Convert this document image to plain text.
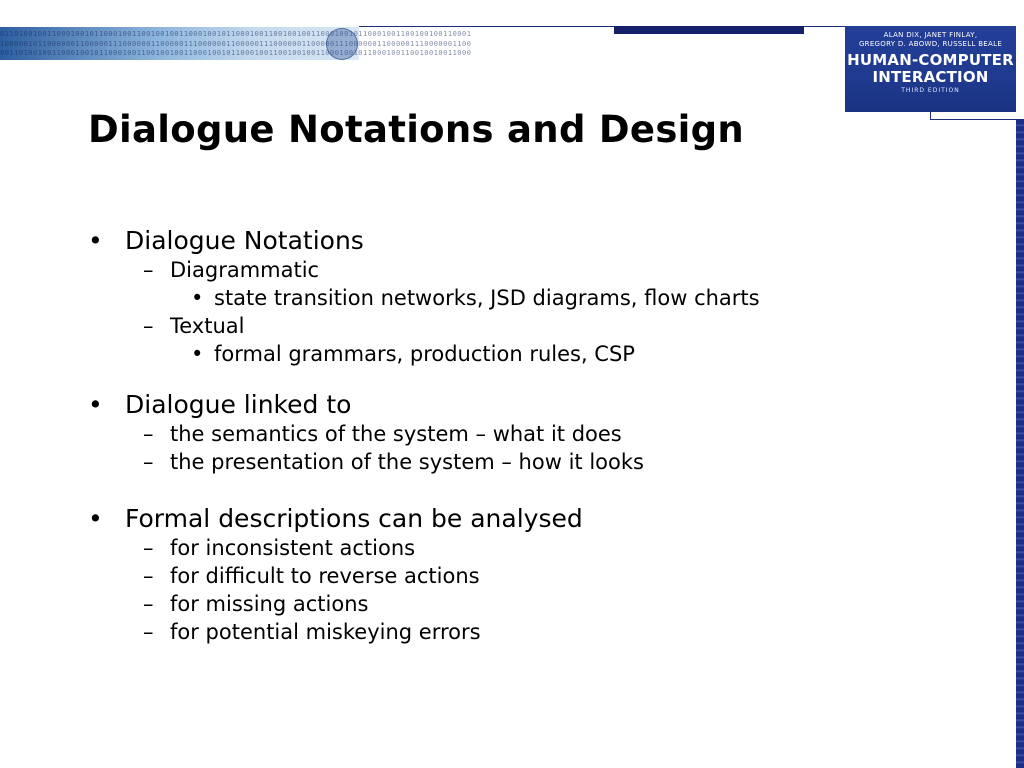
0110100100110001001011000100110010010011000100101100010011001001001100010010110001001100100100110001
1000001011000000110000011100000011000001110000001100000111000000110000011100000011000001110000001100
0011010010011000100101100010011001001001100010010110001001100100100110001001011000100110010010011000
ALAN DIX, JANET FINLAY,
GREGORY D. ABOWD, RUSSELL BEALE
HUMAN-COMPUTER
INTERACTION
THIRD EDITION
Dialogue Notations and Design
• Dialogue Notations
– Diagrammatic
• state transition networks, JSD diagrams, flow charts
– Textual
• formal grammars, production rules, CSP
• Dialogue linked to
– the semantics of the system – what it does
– the presentation of the system – how it looks
• Formal descriptions can be analysed
– for inconsistent actions
– for difficult to reverse actions
– for missing actions
– for potential miskeying errors
